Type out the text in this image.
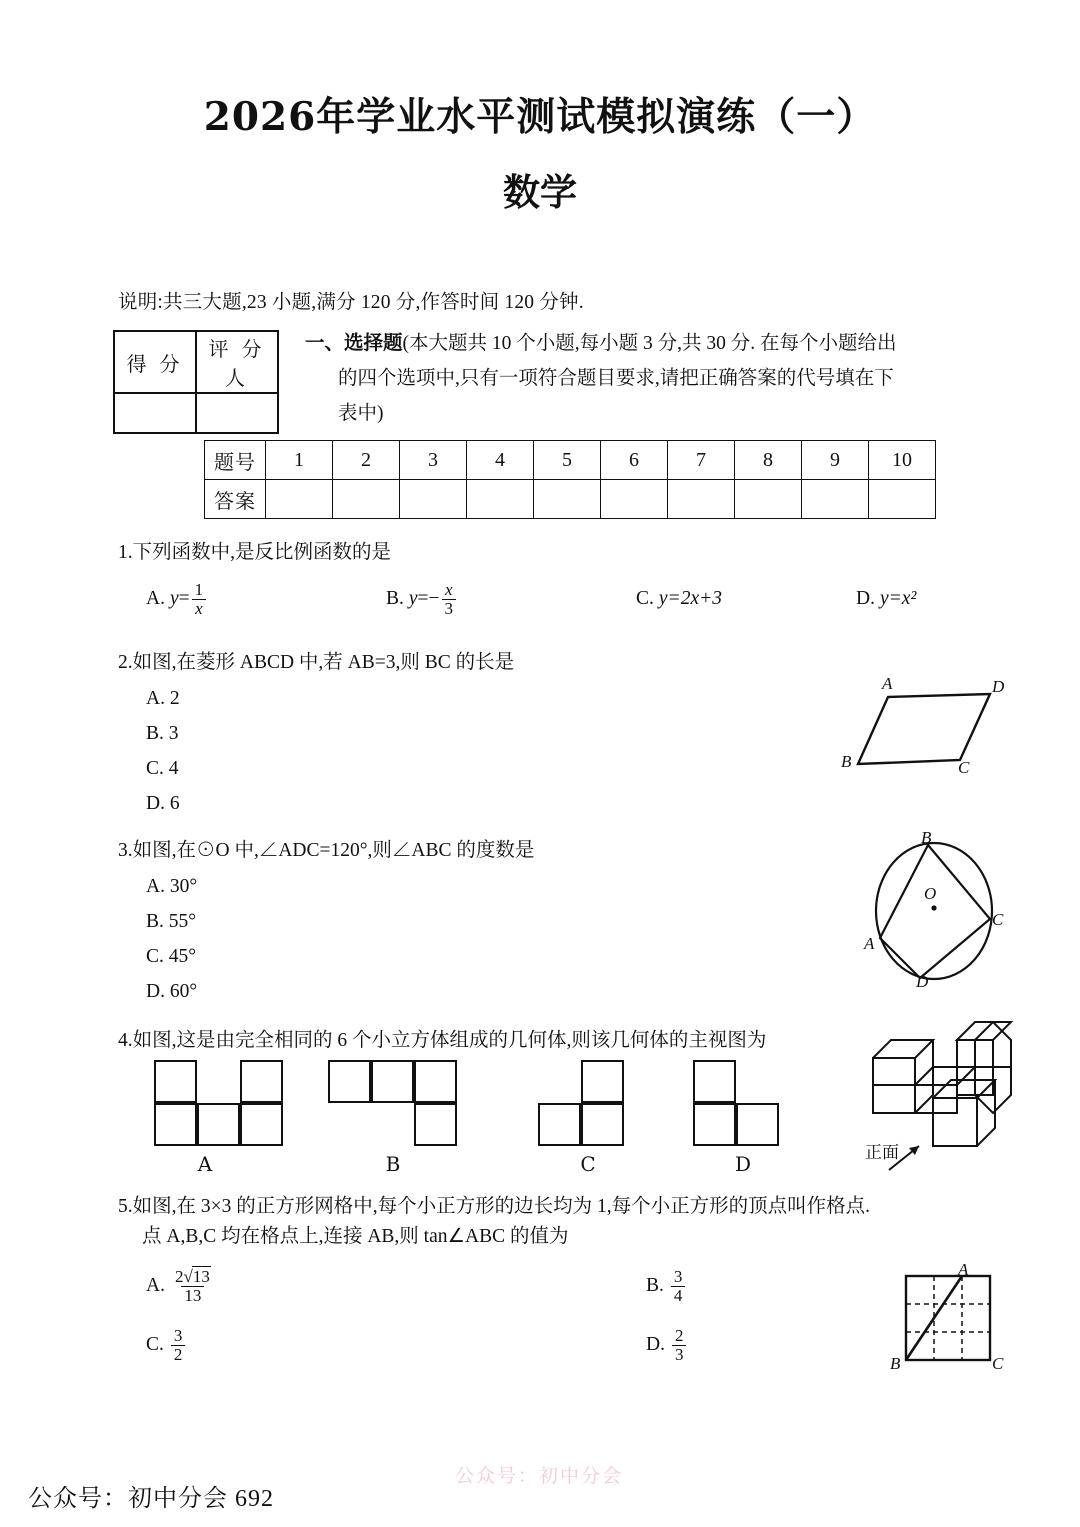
2026年学业水平测试模拟演练（一）
数学
说明:共三大题,23 小题,满分 120 分,作答时间 120 分钟.
得 分	评 分 人

一、选择题(本大题共 10 个小题,每小题 3 分,共 30 分. 在每个小题给出
的四个选项中,只有一项符合题目要求,请把正确答案的代号填在下
表中)
题号	1	2	3	4	5	6	7	8	9	10
答案										
1.下列函数中,是反比例函数的是
A. $y = \frac{1}{x}$	B. y = − $\frac{x}{3}$	C. y=2x+3	D. y=x²
2.如图,在菱形 ABCD 中,若 AB=3,则 BC 的长是
A. 2
B. 3
C. 4
D. 6
A	D
B	C
3.如图,在⊙O 中,∠ADC=120°,则∠ABC 的度数是
A. 30°
B. 55°
C. 45°
D. 60°
B
O
C
A
D
4.如图,这是由完全相同的 6 个小立方体组成的几何体,则该几何体的主视图为
A	B	C	D	正面
5.如图,在 3×3 的正方形网格中,每个小正方形的边长均为 1,每个小正方形的顶点叫作格点.
点 A,B,C 均在格点上,连接 AB,则 tan∠ABC 的值为
A. $\frac{2√13}{13}$	B. $\frac{3}{4}$
C. $\frac{3}{2}$	D. $\frac{2}{3}$
A
B	C
公众号：初中分会
公众号：初中分会 692
